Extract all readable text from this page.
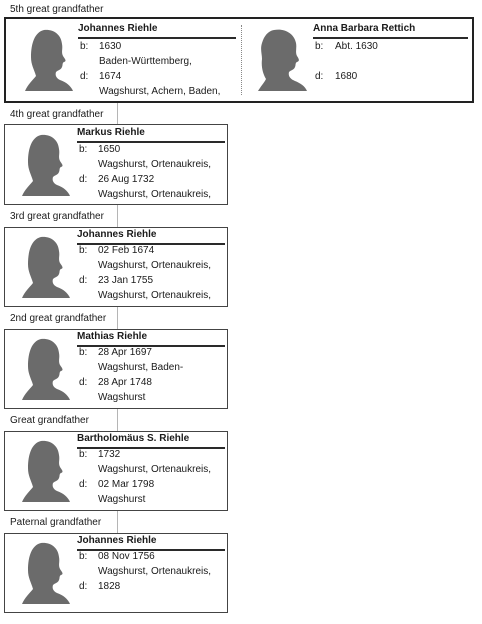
5th great grandfather
4th great grandfather
3rd great grandfather
2nd great grandfather
Great grandfather
Paternal grandfather
Johannes Riehle
b: 1630
Baden-Württemberg,
d: 1674
Wagshurst, Achern, Baden,
Anna Barbara Rettich
b: Abt. 1630
d: 1680
Markus Riehle
b: 1650
Wagshurst, Ortenaukreis,
d: 26 Aug 1732
Wagshurst, Ortenaukreis,
Johannes Riehle
b: 02 Feb 1674
Wagshurst, Ortenaukreis,
d: 23 Jan 1755
Wagshurst, Ortenaukreis,
Mathias Riehle
b: 28 Apr 1697
Wagshurst, Baden-
d: 28 Apr 1748
Wagshurst
Bartholomäus S. Riehle
b: 1732
Wagshurst, Ortenaukreis,
d: 02 Mar 1798
Wagshurst
Johannes Riehle
b: 08 Nov 1756
Wagshurst, Ortenaukreis,
d: 1828
